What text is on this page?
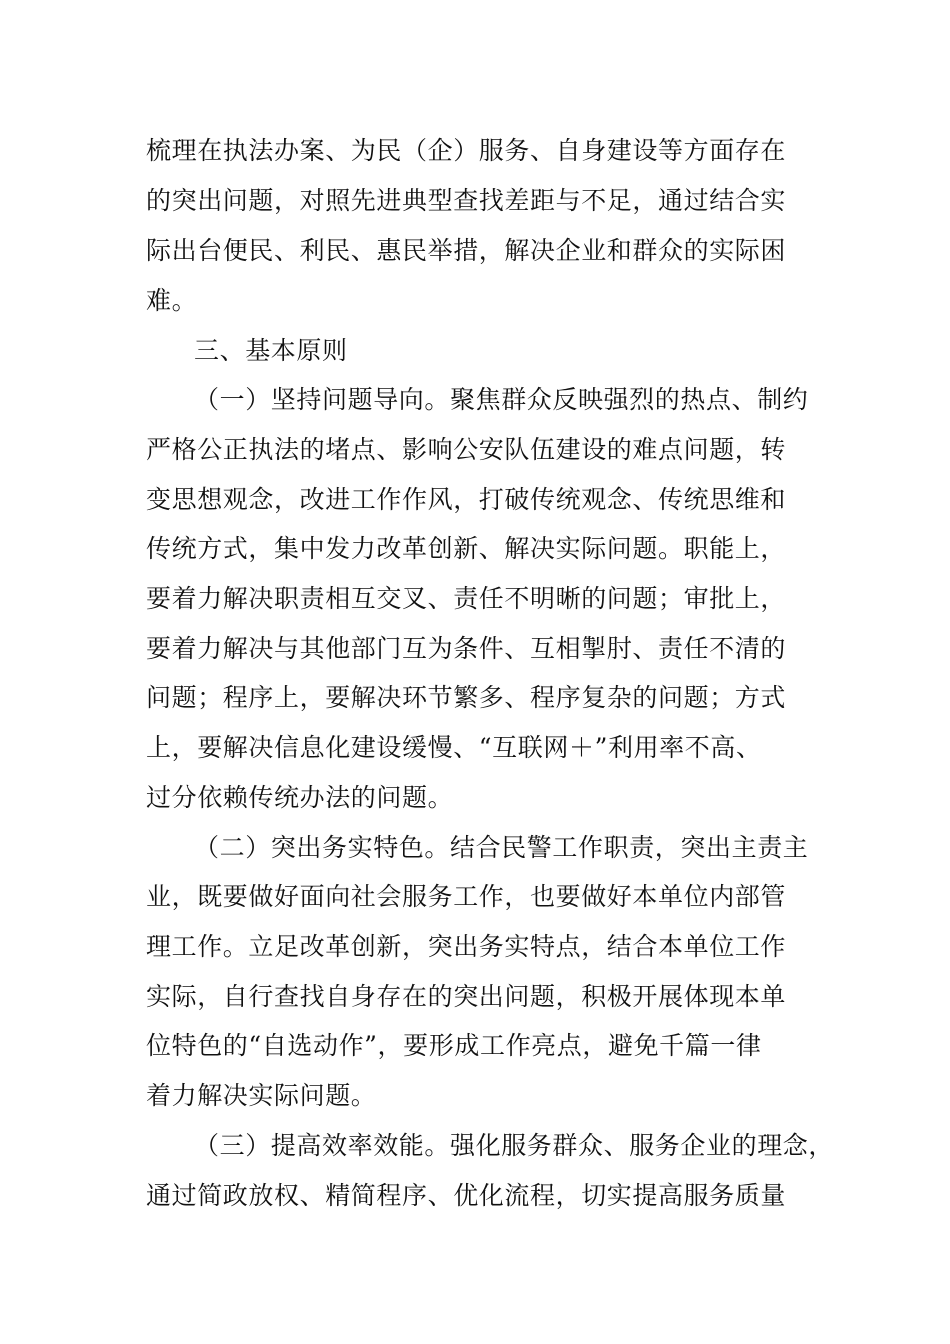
梳理在执法办案、为民（企）服务、自身建设等方面存在
的突出问题，对照先进典型查找差距与不足，通过结合实
际出台便民、利民、惠民举措，解决企业和群众的实际困
难。
三、基本原则
（一）坚持问题导向。聚焦群众反映强烈的热点、制约
严格公正执法的堵点、影响公安队伍建设的难点问题，转
变思想观念，改进工作作风，打破传统观念、传统思维和
传统方式，集中发力改革创新、解决实际问题。职能上，
要着力解决职责相互交叉、责任不明晰的问题；审批上，
要着力解决与其他部门互为条件、互相掣肘、责任不清的
问题；程序上，要解决环节繁多、程序复杂的问题；方式
上，要解决信息化建设缓慢、“互联网＋”利用率不高、
过分依赖传统办法的问题。
（二）突出务实特色。结合民警工作职责，突出主责主
业，既要做好面向社会服务工作，也要做好本单位内部管
理工作。立足改革创新，突出务实特点，结合本单位工作
实际，自行查找自身存在的突出问题，积极开展体现本单
位特色的“自选动作”，要形成工作亮点，避免千篇一律
着力解决实际问题。
（三）提高效率效能。强化服务群众、服务企业的理念，
通过简政放权、精简程序、优化流程，切实提高服务质量
